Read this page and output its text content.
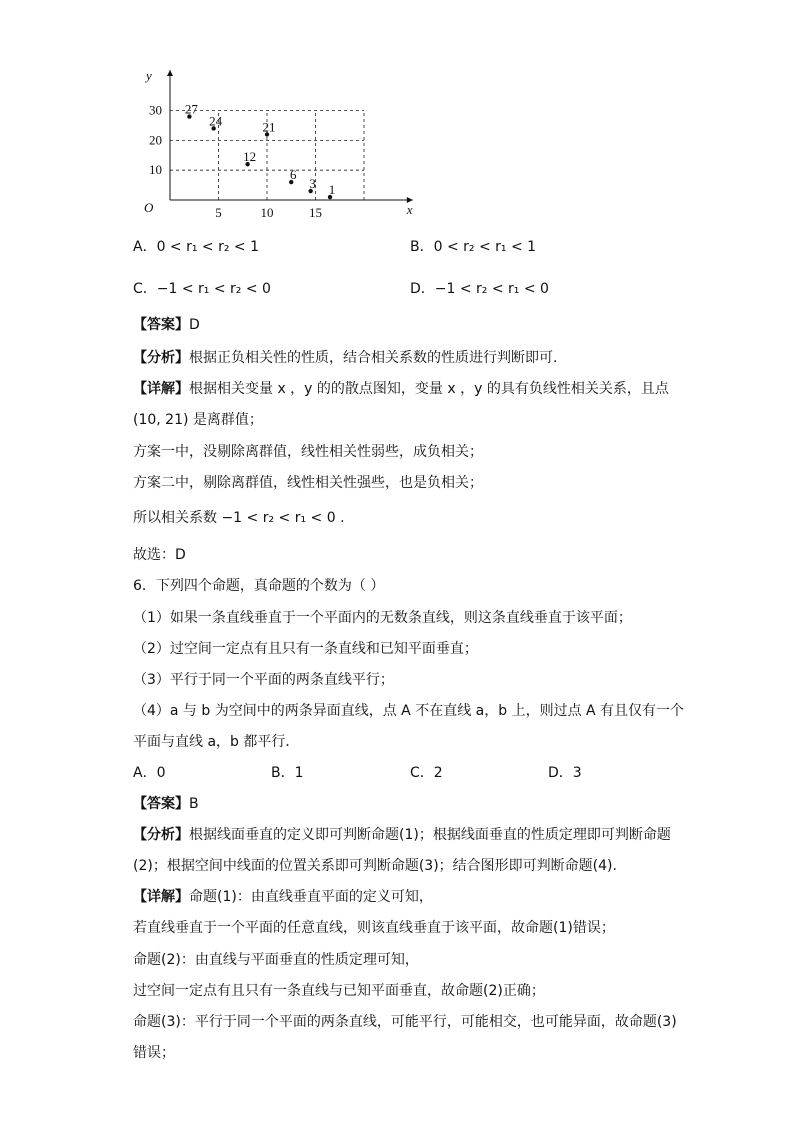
x
y
O	5	10	15
10
20
30 27
24	21
12
6
3 1
A．0 < r₁ < r₂ < 1	B．0 < r₂ < r₁ < 1
C．−1 < r₁ < r₂ < 0	D．−1 < r₂ < r₁ < 0
【答案】D
【分析】根据正负相关性的性质，结合相关系数的性质进行判断即可.
【详解】根据相关变量 x ，y 的的散点图知，变量 x ，y 的具有负线性相关关系，且点
(10, 21) 是离群值；
方案一中，没剔除离群值，线性相关性弱些，成负相关；
方案二中，剔除离群值，线性相关性强些，也是负相关；
所以相关系数 −1 < r₂ < r₁ < 0 .
故选：D
6．下列四个命题，真命题的个数为（ ）
（1）如果一条直线垂直于一个平面内的无数条直线，则这条直线垂直于该平面；
（2）过空间一定点有且只有一条直线和已知平面垂直；
（3）平行于同一个平面的两条直线平行；
（4）a 与 b 为空间中的两条异面直线，点 A 不在直线 a，b 上，则过点 A 有且仅有一个
平面与直线 a，b 都平行．
A．0	B．1	C．2	D．3
【答案】B
【分析】根据线面垂直的定义即可判断命题(1)；根据线面垂直的性质定理即可判断命题
(2)；根据空间中线面的位置关系即可判断命题(3)；结合图形即可判断命题(4).
【详解】命题(1)：由直线垂直平面的定义可知，
若直线垂直于一个平面的任意直线，则该直线垂直于该平面，故命题(1)错误；
命题(2)：由直线与平面垂直的性质定理可知，
过空间一定点有且只有一条直线与已知平面垂直，故命题(2)正确；
命题(3)：平行于同一个平面的两条直线，可能平行，可能相交，也可能异面，故命题(3)
错误；
